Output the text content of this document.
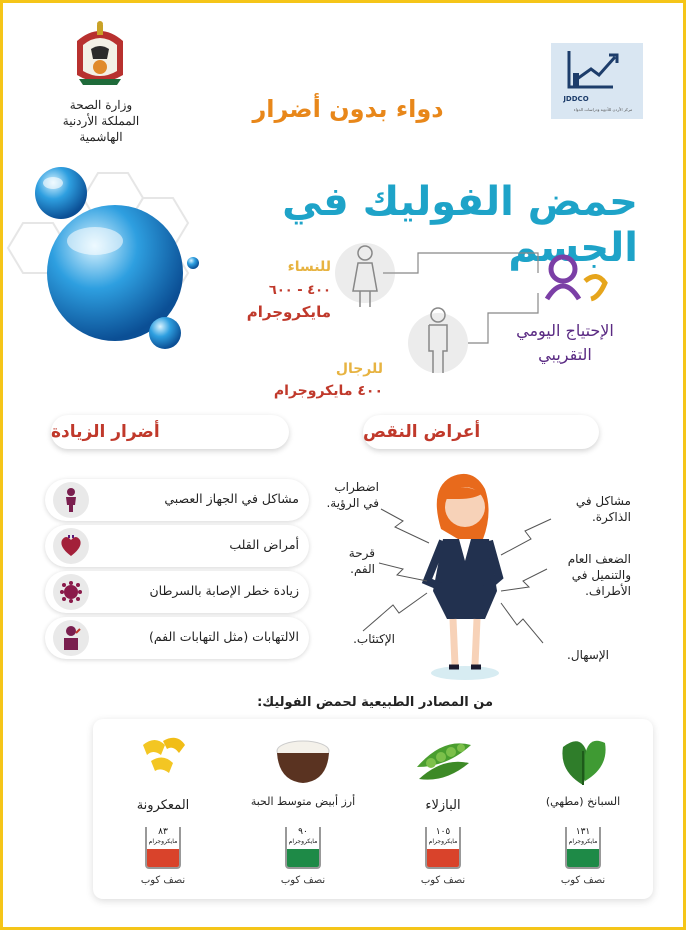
وزارة الصحة
المملكة الأردنية الهاشمية
دواء بدون أضرار	JDDCO
مركز الأردن للأدوية ودراسات الدواء
حمض الفوليك في الجسم
للنساء
٤٠٠ - ٦٠٠
مايكروجرام
للرجال
٤٠٠ مايكروجرام
الإحتياج اليومي
التقريبي
أضرار الزيادة	أعراض النقص
مشاكل في الجهاز العصبي
أمراض القلب
زيادة خطر الإصابة بالسرطان
الالتهابات (مثل التهابات الفم)
اضطراب في الرؤية.
قرحة الفم.
الإكتئاب.
مشاكل في الذاكرة.
الضعف العام والتنميل في الأطراف.
الإسهال.
من المصادر الطبيعية لحمض الفوليك:
المعكرونة
٨٣
مايكروجرام
نصف كوب
أرز أبيض متوسط الحبة
٩٠
مايكروجرام
نصف كوب
البازلاء
١٠٥
مايكروجرام
نصف كوب
السبانخ (مطهي)
١٣١
مايكروجرام
نصف كوب
